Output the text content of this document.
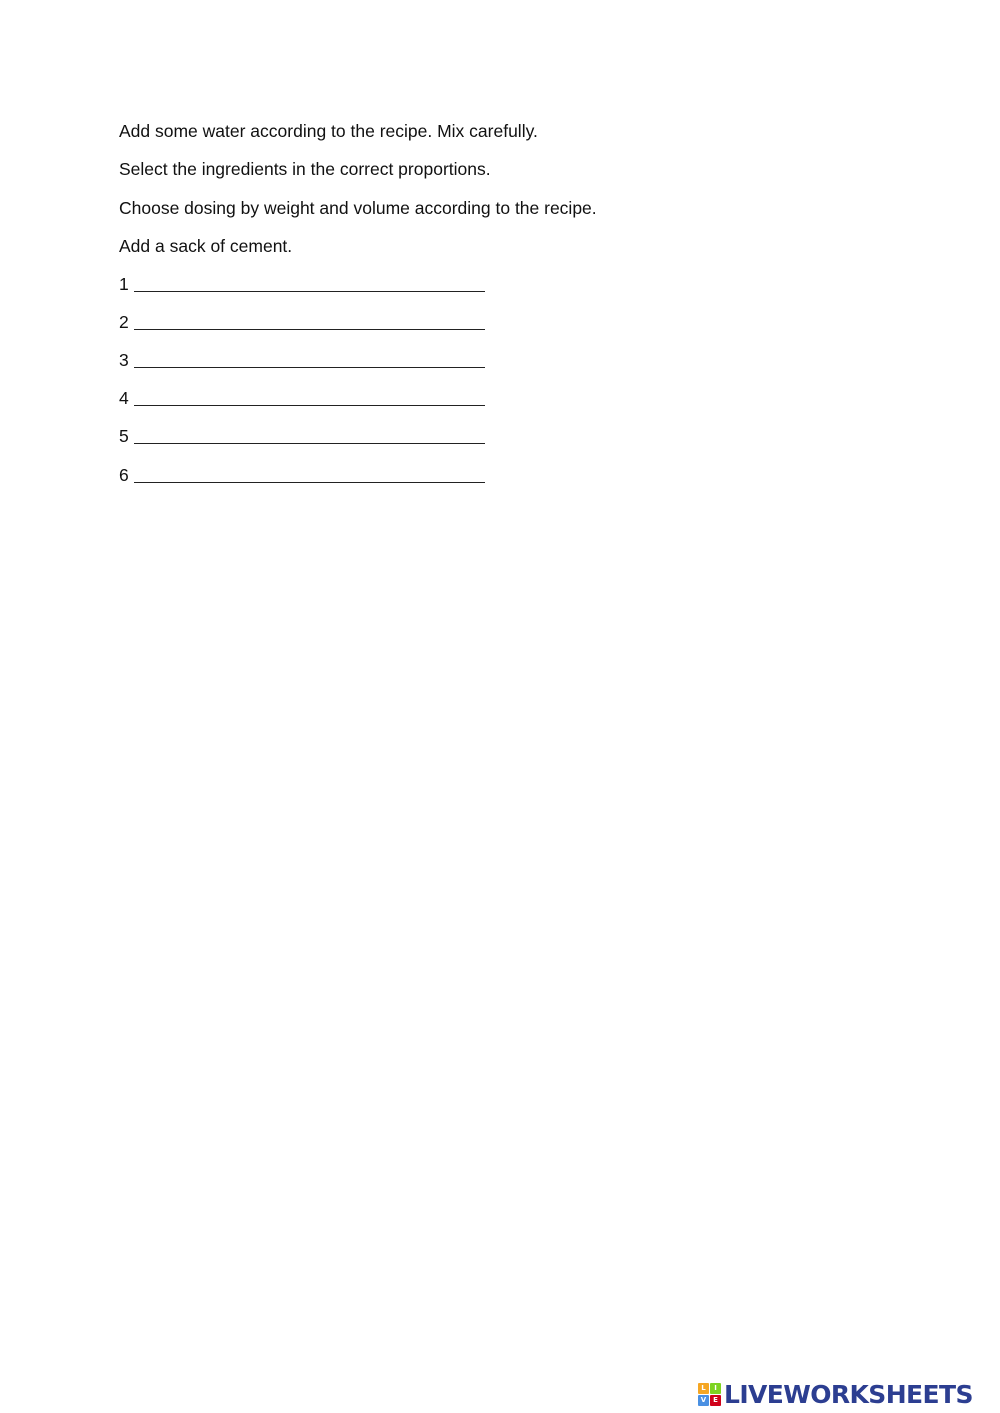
Add some water according to the recipe. Mix carefully.
Select the ingredients in the correct proportions.
Choose dosing by weight and volume according to the recipe.
Add a sack of cement.
1
2
3
4
5
6
L	I
V E LIVEWORKSHEETS
